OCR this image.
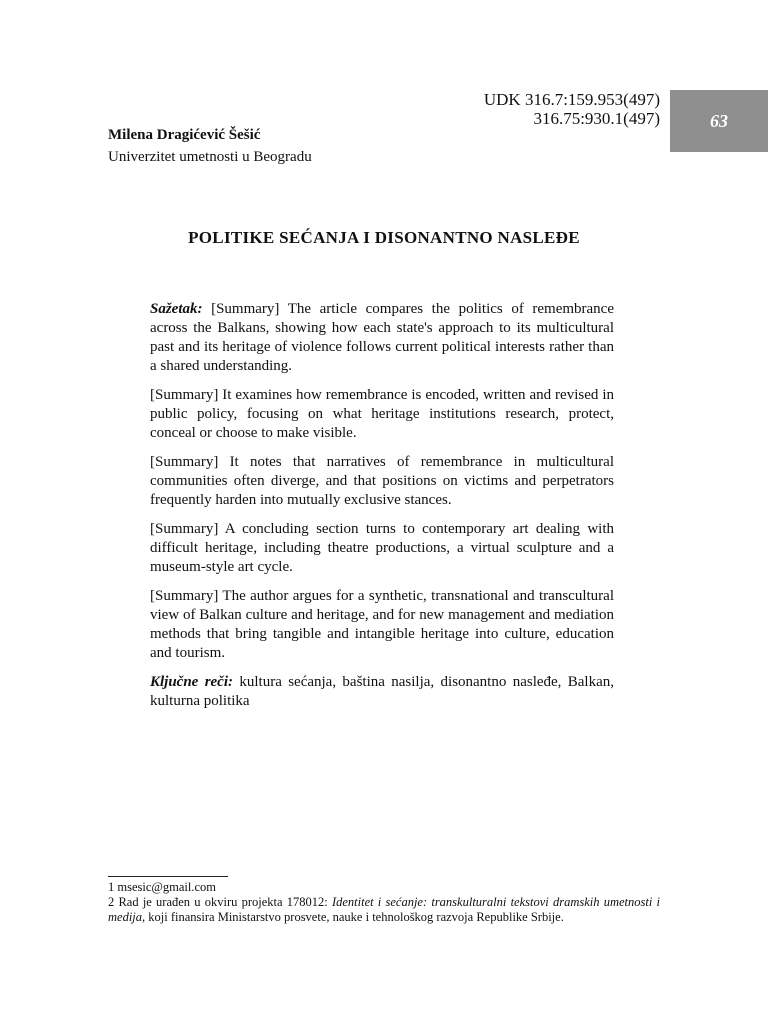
63
UDK 316.7:159.953(497)
316.75:930.1(497)
Milena Dragićević Šešić
Univerzitet umetnosti u Beogradu
POLITIKE SEĆANJA I DISONANTNO NASLEĐE

Sažetak: [Summary] The article compares the politics of remembrance across the Balkans, showing how each state's approach to its multicultural past and its heritage of violence follows current political interests rather than a shared understanding.

[Summary] It examines how remembrance is encoded, written and revised in public policy, focusing on what heritage institutions research, protect, conceal or choose to make visible.

[Summary] It notes that narratives of remembrance in multicultural communities often diverge, and that positions on victims and perpetrators frequently harden into mutually exclusive stances.

[Summary] A concluding section turns to contemporary art dealing with difficult heritage, including theatre productions, a virtual sculpture and a museum-style art cycle.

[Summary] The author argues for a synthetic, transnational and transcultural view of Balkan culture and heritage, and for new management and mediation methods that bring tangible and intangible heritage into culture, education and tourism.

Ključne reči: kultura sećanja, baština nasilja, disonantno nasleđe, Balkan, kulturna politika
1 msesic@gmail.com
2 Rad je urađen u okviru projekta 178012: Identitet i sećanje: transkulturalni tekstovi dramskih umetnosti i medija, koji finansira Ministarstvo prosvete, nauke i tehnološkog razvoja Republike Srbije.
